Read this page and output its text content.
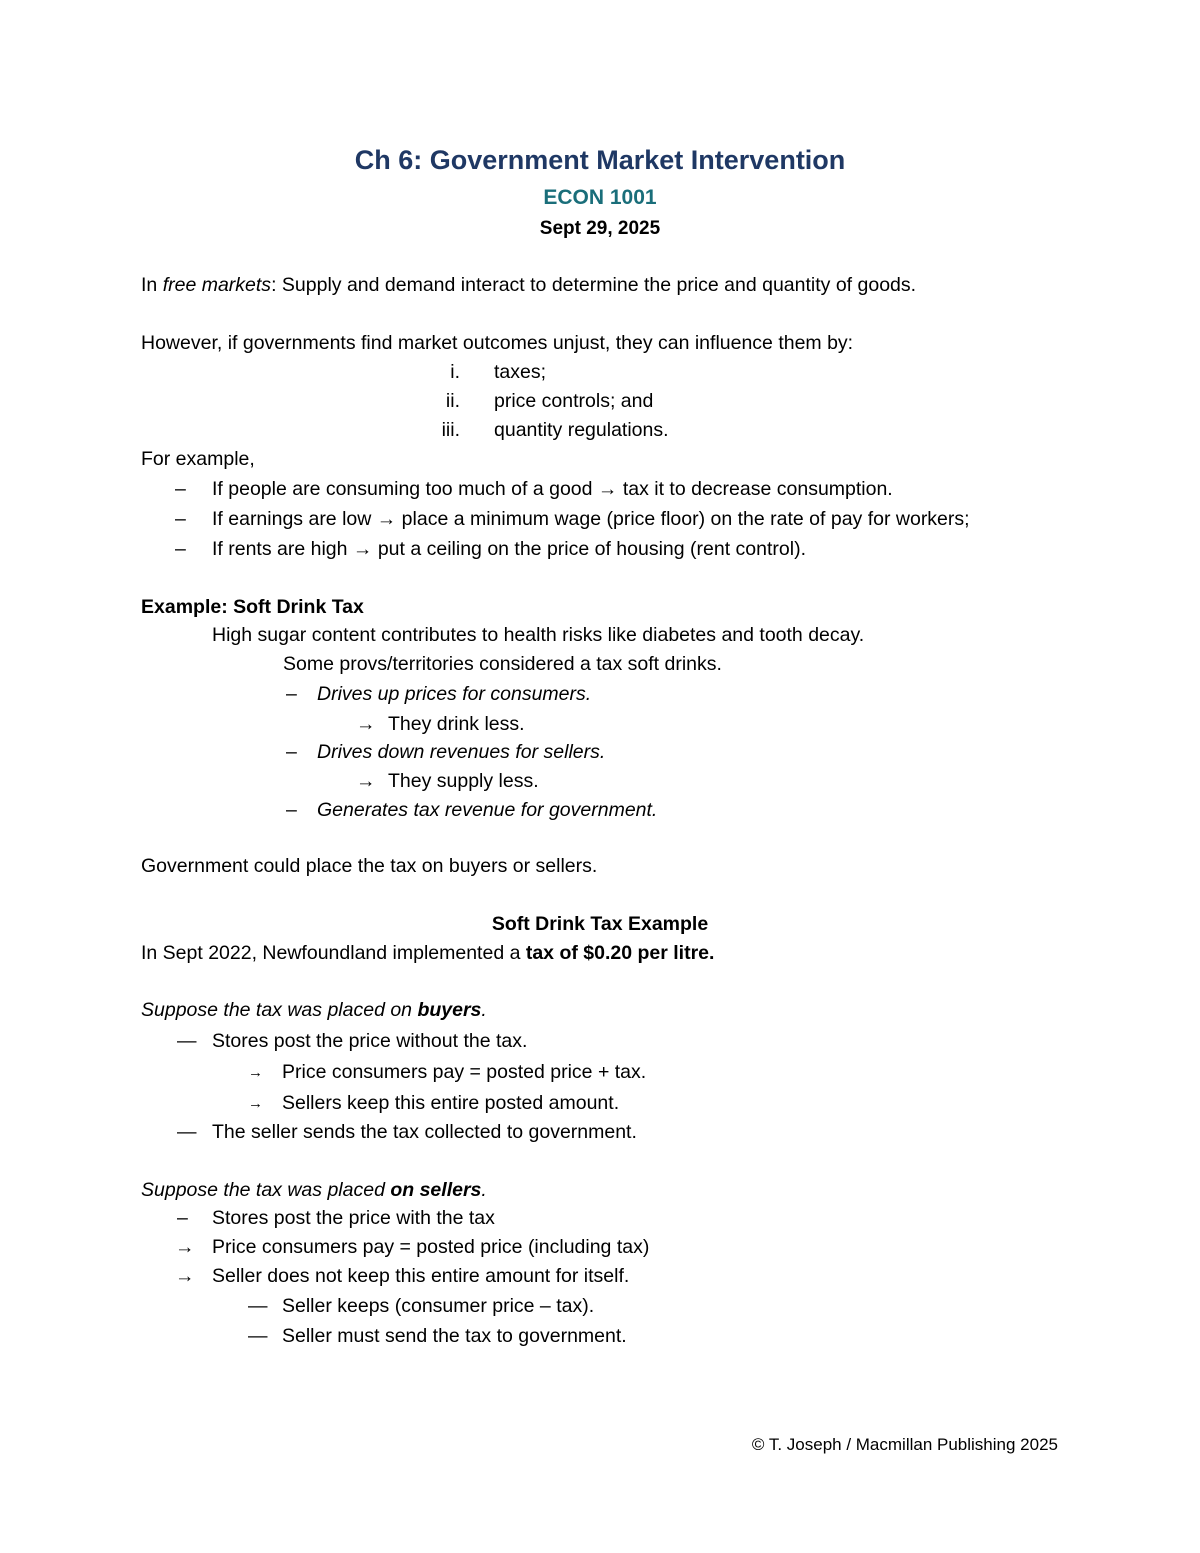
Ch 6: Government Market Intervention
ECON 1001
Sept 29, 2025
In free markets: Supply and demand interact to determine the price and quantity of goods.
However, if governments find market outcomes unjust, they can influence them by:
i. taxes;
ii. price controls; and
iii. quantity regulations.
For example,
– If people are consuming too much of a good → tax it to decrease consumption.
– If earnings are low → place a minimum wage (price floor) on the rate of pay for workers;
– If rents are high → put a ceiling on the price of housing (rent control).
Example: Soft Drink Tax
High sugar content contributes to health risks like diabetes and tooth decay.
Some provs/territories considered a tax soft drinks.
– Drives up prices for consumers.
→ They drink less.
– Drives down revenues for sellers.
→ They supply less.
– Generates tax revenue for government.
Government could place the tax on buyers or sellers.
Soft Drink Tax Example
In Sept 2022, Newfoundland implemented a tax of $0.20 per litre.
Suppose the tax was placed on buyers.
— Stores post the price without the tax.
→ Price consumers pay = posted price + tax.
→ Sellers keep this entire posted amount.
— The seller sends the tax collected to government.
Suppose the tax was placed on sellers.
– Stores post the price with the tax
→ Price consumers pay = posted price (including tax)
→ Seller does not keep this entire amount for itself.
— Seller keeps (consumer price – tax).
— Seller must send the tax to government.
© T. Joseph / Macmillan Publishing 2025
